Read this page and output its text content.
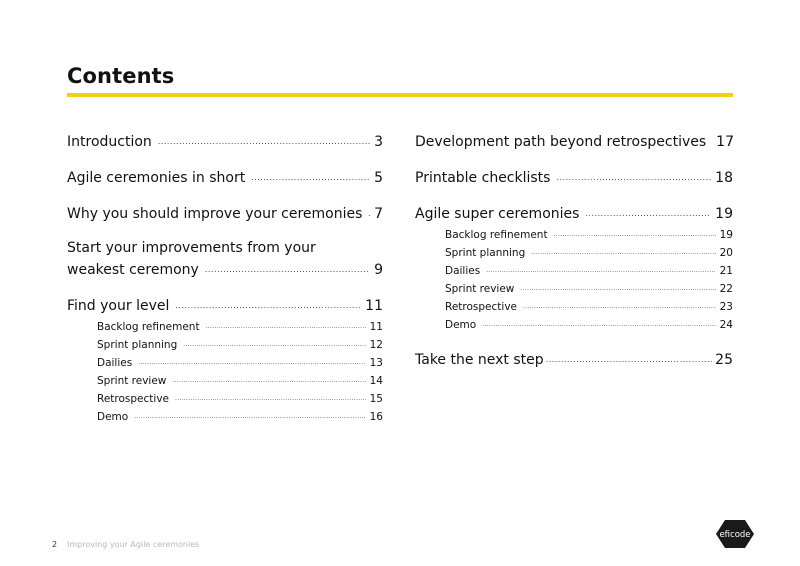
Contents
Introduction .....	3
Agile ceremonies in short .....	5
Why you should improve your ceremonies ..... 7
Start your improvements from your
weakest ceremony .....	9
Find your level .....	11
Backlog refinement .....	11
Sprint planning .....	12
Dailies .....	13
Sprint review .....	14
Retrospective .....	15
Demo .....	16
Development path beyond retrospectives 17
Printable checklists .....	18
Agile super ceremonies .....	19
Backlog refinement .....	19
Sprint planning .....	20
Dailies .....	21
Sprint review .....	22
Retrospective .....	23
Demo .....	24
Take the next step .....	25
2 Improving your Agile ceremonies
eficode
